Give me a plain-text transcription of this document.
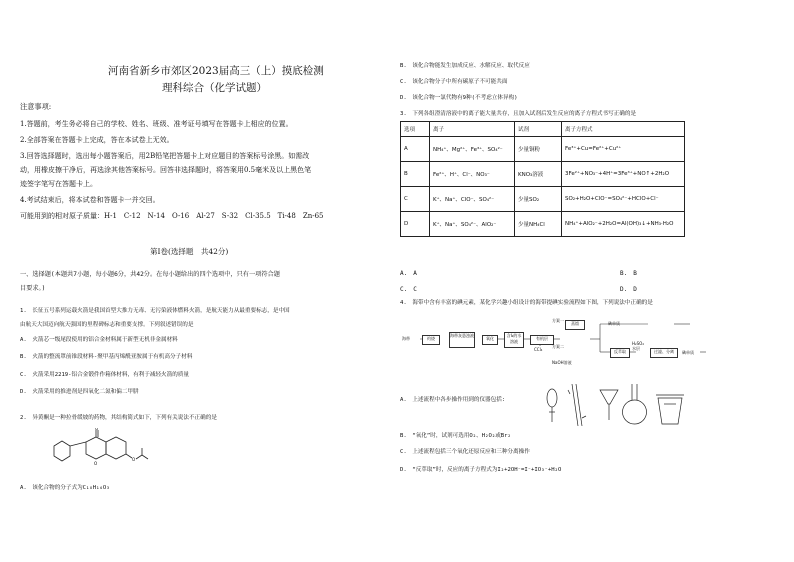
河南省新乡市郊区2023届高三（上）摸底检测
理科综合（化学试题）
注意事项:
1.答题前，考生务必将自己的学校、姓名、班级、准考证号填写在答题卡上相应的位置。
2.全部答案在答题卡上完成，答在本试卷上无效。
3.回答选择题时，选出每小题答案后，用2B铅笔把答题卡上对应题目的答案标号涂黑。如需改
动，用橡皮擦干净后，再选涂其他答案标号。回答非选择题时，将答案用0.5毫米及以上黑色笔
迹签字笔写在答题卡上。
4.考试结束后，将本试卷和答题卡一并交回。
可能用到的相对原子质量：H-1　C-12　N-14　O-16　Al-27　S-32　Cl-35.5　Ti-48　Zn-65
第Ⅰ卷(选择题　共42分)
一、选择题(本题共7小题，每小题6分，共42分。在每小题给出的四个选项中，只有一项符合题
目要求。)
1.　长征五号系列运载火箭是我国首型大推力无毒、无污染液体燃料火箭，是航天能力从最重要标志，是中国
由航天大国迈向航天强国的里程碑标志和重要支撑。下列叙述错误的是
A.　火箭芯一级尾段使用的铝合金材料属于新型无机非金属材料
B.　火箭的整流罩前锥段材料-聚甲基丙烯酰亚胺属于有机高分子材料
C.　火箭采用2219-铝合金锻件作箱体材料，有利于减轻火箭的质量
D.　火箭采用的推进剂是四氧化二氮和偏二甲肼
2.　异黄酮是一种拉骨缓坡的药物，其结构简式如下，下列有关说法不正确的是
O
O
O
A.　该化合物的分子式为C₁₈H₁₆O₃
B.　该化合物能发生加成反应、水解反应、取代反应
C.　该化合物分子中所有碳原子不可能共面
D.　该化合物一氯代物有9种(不考虑立体异构)
3.　下列各组澄清溶液中的离子能大量共存，且加入试剂后发生反应的离子方程式书写正确的是
选项	离子	试剂	离子方程式
A	NH₄⁺、Mg²⁺、Fe³⁺、SO₄²⁻	少量铜粉	Fe³⁺+Cu=Fe²⁺+Cu²⁺
B	Fe²⁺、H⁺、Cl⁻、NO₃⁻	KNO₃溶液	3Fe²⁺+NO₃⁻+4H⁺=3Fe³⁺+NO↑+2H₂O
C	K⁺、Na⁺、ClO⁻、SO₄²⁻	少量SO₂	SO₂+H₂O+ClO⁻=SO₄²⁻+HClO+Cl⁻
D	K⁺、Na⁺、SO₄²⁻、AlO₂⁻	少量NH₄Cl	NH₄⁺+AlO₂⁻+2H₂O=Al(OH)₃↓+NH₃·H₂O
A.　A	B.　B
C.　C	D.　D
4.　海带中含有丰富的碘元素，某化学兴趣小组设计的海带提碘实验流程如下图，下列说法中正确的是
海带	灼烧
海带灰悬浊液
氧化
含I₂的水溶液
有机层
CCl₄
方案一
蒸馏	碘单质
方案二
反萃取
NaOH溶液
水层
H₂SO₄
过滤、分离	碘单质
A.　上述流程中各步操作用到的仪器包括:
B.　“氧化”时，试剂可选用O₂、H₂O₂或Br₂
C.　上述流程包括三个氧化还原反应和三种分离操作
D.　“反萃取”时，反应的离子方程式为I₂+2OH⁻=I⁻+IO₃⁻+H₂O
